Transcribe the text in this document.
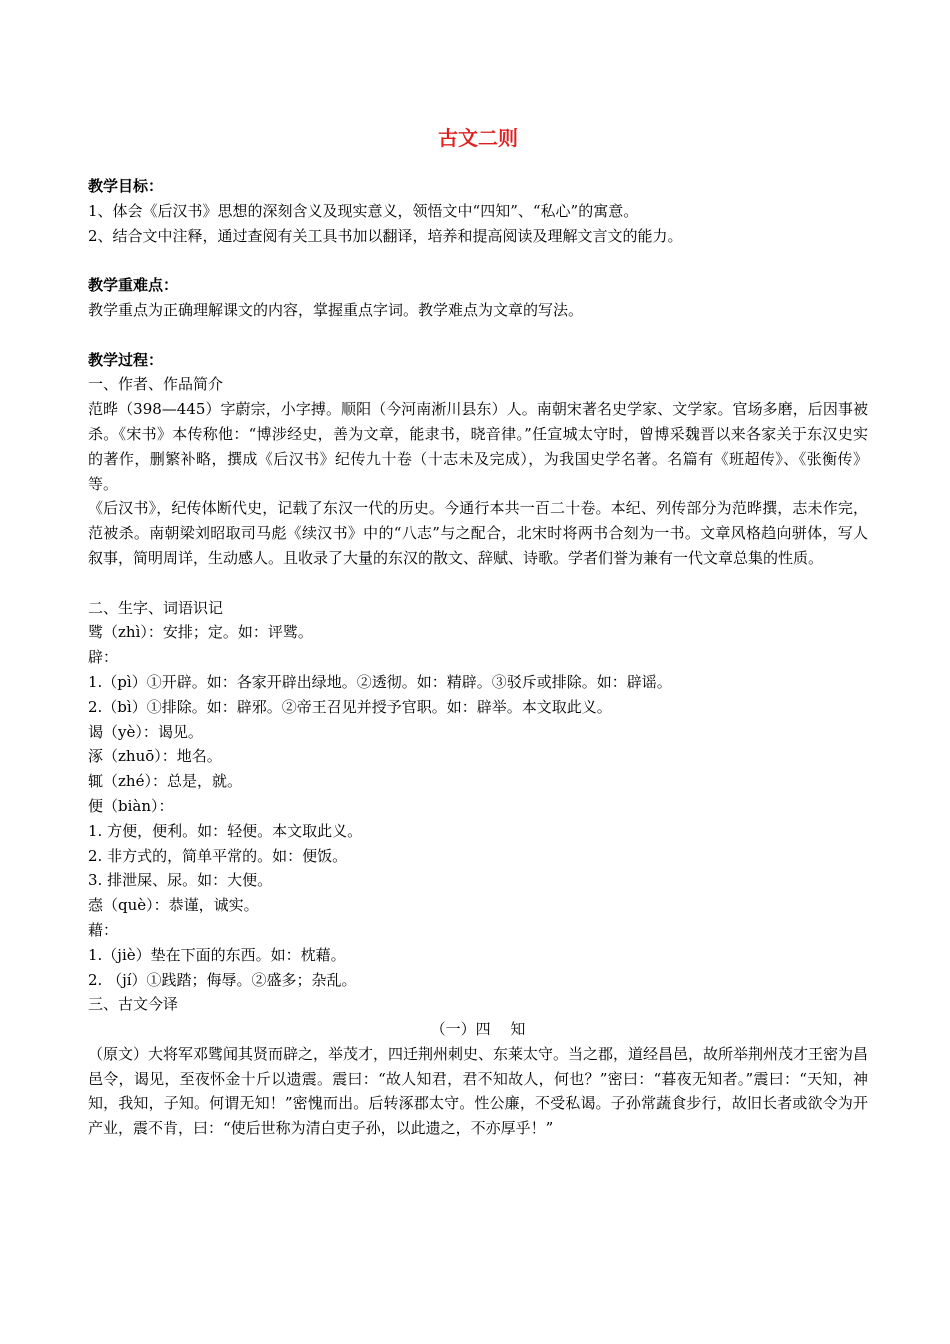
古文二则
教学目标：
1、体会《后汉书》思想的深刻含义及现实意义，领悟文中“四知”、“私心”的寓意。
2、结合文中注释，通过查阅有关工具书加以翻译，培养和提高阅读及理解文言文的能力。
教学重难点：
教学重点为正确理解课文的内容，掌握重点字词。教学难点为文章的写法。
教学过程：
一、作者、作品简介
范晔（398—445）字蔚宗，小字搏。顺阳（今河南淅川县东）人。南朝宋著名史学家、文学家。官场多磨，后因事被杀。《宋书》本传称他：“博涉经史，善为文章，能隶书，晓音律。”任宣城太守时，曾博采魏晋以来各家关于东汉史实的著作，删繁补略，撰成《后汉书》纪传九十卷（十志未及完成），为我国史学名著。名篇有《班超传》、《张衡传》等。
《后汉书》，纪传体断代史，记载了东汉一代的历史。今通行本共一百二十卷。本纪、列传部分为范晔撰，志未作完，范被杀。南朝梁刘昭取司马彪《续汉书》中的“八志”与之配合，北宋时将两书合刻为一书。文章风格趋向骈体，写人叙事，简明周详，生动感人。且收录了大量的东汉的散文、辞赋、诗歌。学者们誉为兼有一代文章总集的性质。
二、生字、词语识记
骘（zhì）：安排；定。如：评骘。
辟：
1.（pì）①开辟。如：各家开辟出绿地。②透彻。如：精辟。③驳斥或排除。如：辟谣。
2.（bì）①排除。如：辟邪。②帝王召见并授予官职。如：辟举。本文取此义。
谒（yè）：谒见。
涿（zhuō）：地名。
辄（zhé）：总是，就。
便（biàn）：
1. 方便，便利。如：轻便。本文取此义。
2. 非方式的，简单平常的。如：便饭。
3. 排泄屎、尿。如：大便。
悫（què）：恭谨，诚实。
藉：
1.（jiè）垫在下面的东西。如：枕藉。
2. （jí）①践踏；侮辱。②盛多；杂乱。
三、古文今译
（一）四　 知
（原文）大将军邓骘闻其贤而辟之，举茂才，四迁荆州刺史、东莱太守。当之郡，道经昌邑，故所举荆州茂才王密为昌邑令，谒见，至夜怀金十斤以遗震。震曰：“故人知君，君不知故人，何也？”密曰：“暮夜无知者。”震曰：“天知，神知，我知，子知。何谓无知！”密愧而出。后转涿郡太守。性公廉，不受私谒。子孙常蔬食步行，故旧长者或欲令为开产业，震不肯，曰：“使后世称为清白吏子孙，以此遗之，不亦厚乎！”
